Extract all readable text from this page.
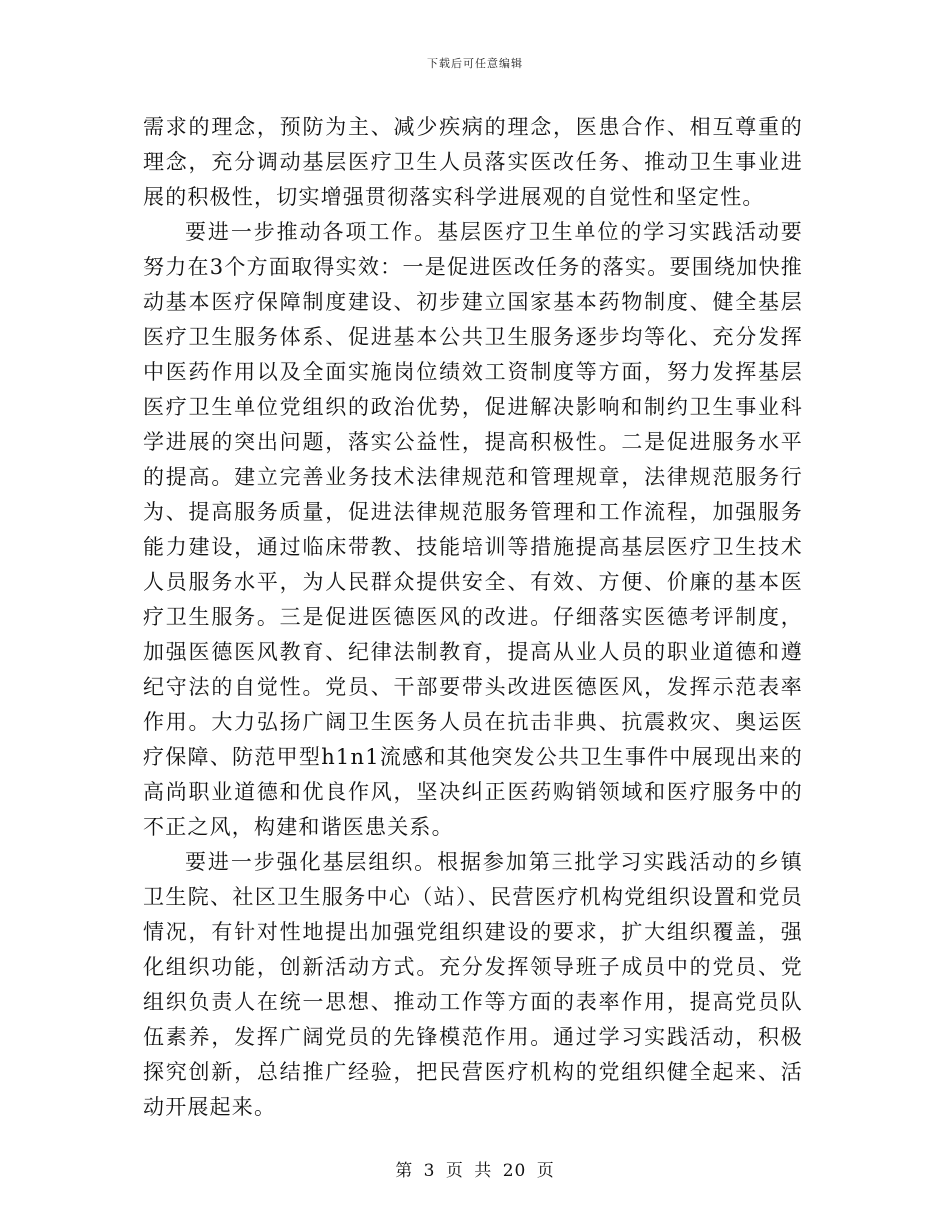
下载后可任意编辑

需求的理念，预防为主、减少疾病的理念，医患合作、相互尊重的理念，充分调动基层医疗卫生人员落实医改任务、推动卫生事业进展的积极性，切实增强贯彻落实科学进展观的自觉性和坚定性。

要进一步推动各项工作。基层医疗卫生单位的学习实践活动要努力在3个方面取得实效：一是促进医改任务的落实。要围绕加快推动基本医疗保障制度建设、初步建立国家基本药物制度、健全基层医疗卫生服务体系、促进基本公共卫生服务逐步均等化、充分发挥中医药作用以及全面实施岗位绩效工资制度等方面，努力发挥基层医疗卫生单位党组织的政治优势，促进解决影响和制约卫生事业科学进展的突出问题，落实公益性，提高积极性。二是促进服务水平的提高。建立完善业务技术法律规范和管理规章，法律规范服务行为、提高服务质量，促进法律规范服务管理和工作流程，加强服务能力建设，通过临床带教、技能培训等措施提高基层医疗卫生技术人员服务水平，为人民群众提供安全、有效、方便、价廉的基本医疗卫生服务。三是促进医德医风的改进。仔细落实医德考评制度，加强医德医风教育、纪律法制教育，提高从业人员的职业道德和遵纪守法的自觉性。党员、干部要带头改进医德医风，发挥示范表率作用。大力弘扬广阔卫生医务人员在抗击非典、抗震救灾、奥运医疗保障、防范甲型h1n1流感和其他突发公共卫生事件中展现出来的高尚职业道德和优良作风，坚决纠正医药购销领域和医疗服务中的不正之风，构建和谐医患关系。

要进一步强化基层组织。根据参加第三批学习实践活动的乡镇卫生院、社区卫生服务中心（站）、民营医疗机构党组织设置和党员情况，有针对性地提出加强党组织建设的要求，扩大组织覆盖，强化组织功能，创新活动方式。充分发挥领导班子成员中的党员、党组织负责人在统一思想、推动工作等方面的表率作用，提高党员队伍素养，发挥广阔党员的先锋模范作用。通过学习实践活动，积极探究创新，总结推广经验，把民营医疗机构的党组织健全起来、活动开展起来。

第 3 页 共 20 页
